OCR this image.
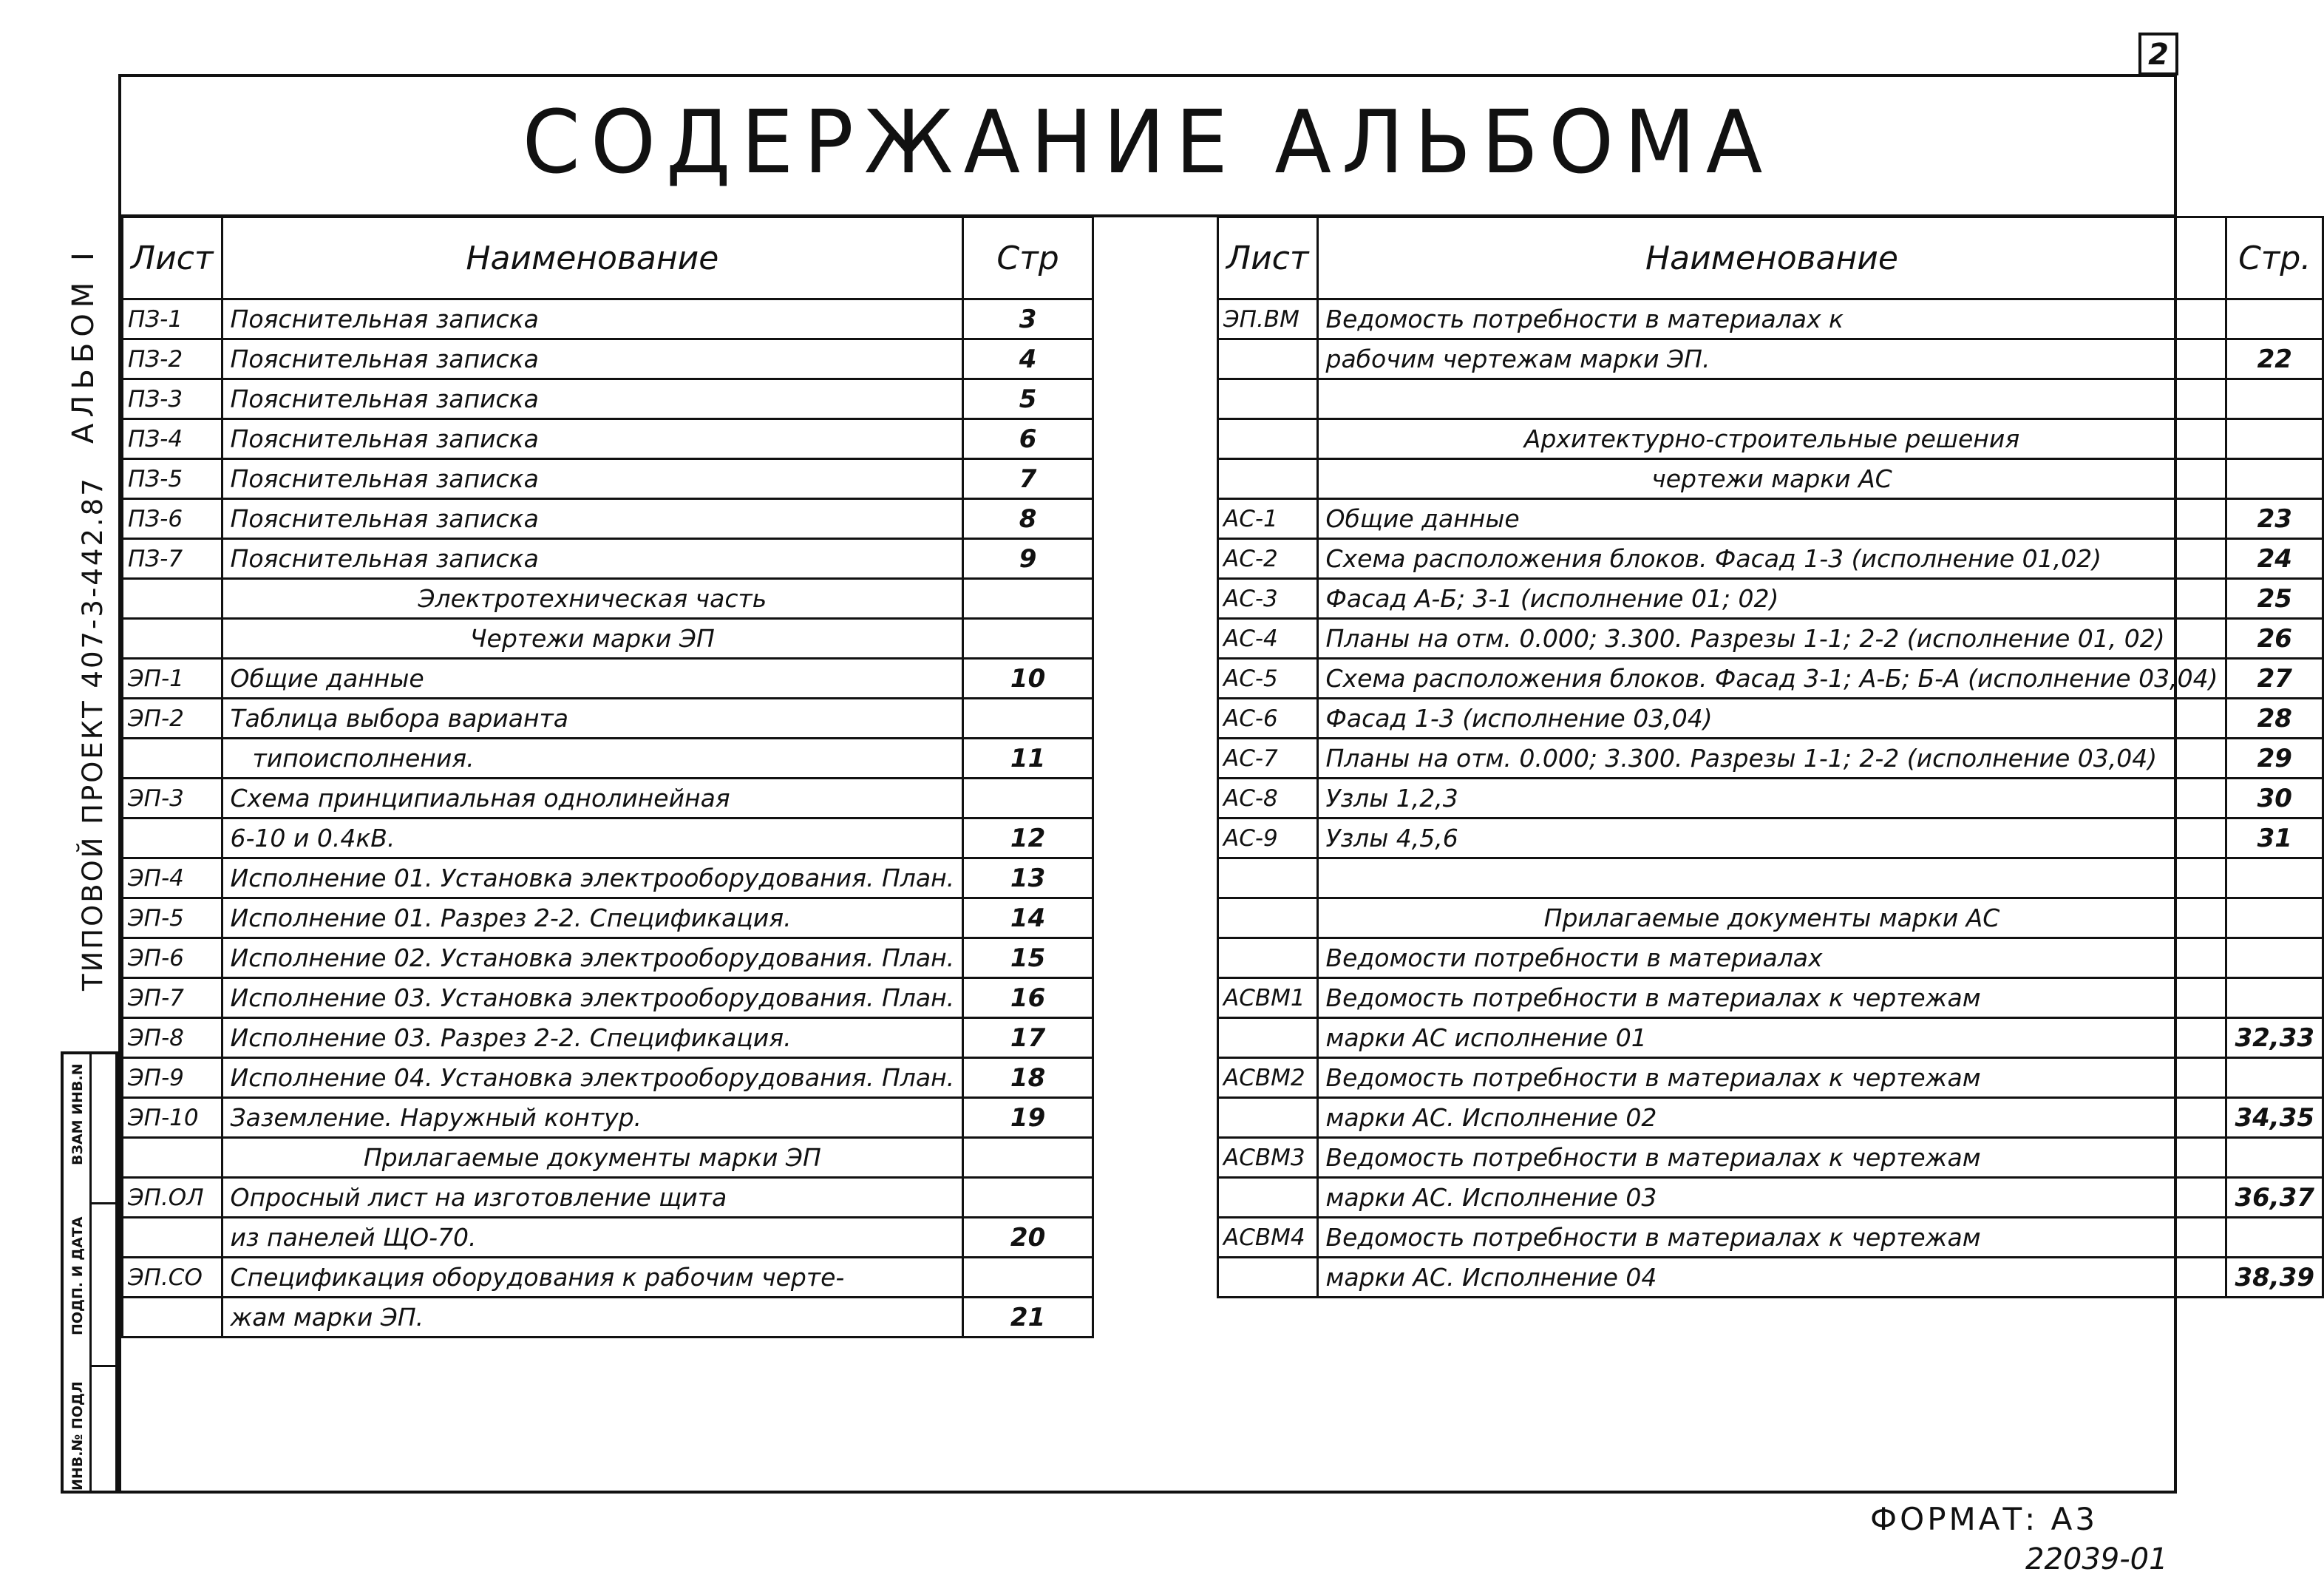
2
СОДЕРЖАНИЕ АЛЬБОМА
ТИПОВОЙ ПРОЕКТ 407-3-442.87
АЛЬБОМ I
ИНВ.№ ПОДЛ
ПОДП. И ДАТА
ВЗАМ ИНВ.N
Лист	Наименование	Стр
ПЗ-1	Пояснительная записка	3
ПЗ-2	Пояснительная записка	4
ПЗ-3	Пояснительная записка	5
ПЗ-4	Пояснительная записка	6
ПЗ-5	Пояснительная записка	7
ПЗ-6	Пояснительная записка	8
ПЗ-7	Пояснительная записка	9
	Электротехническая часть	
	Чертежи марки ЭП	
ЭП-1	Общие данные	10
ЭП-2	Таблица выбора варианта	
	типоисполнения.	11
ЭП-3	Схема принципиальная однолинейная	
	6-10 и 0.4кВ.	12
ЭП-4	Исполнение 01. Установка электрооборудования. План.	13
ЭП-5	Исполнение 01. Разрез 2-2. Спецификация.	14
ЭП-6	Исполнение 02. Установка электрооборудования. План.	15
ЭП-7	Исполнение 03. Установка электрооборудования. План.	16
ЭП-8	Исполнение 03. Разрез 2-2. Спецификация.	17
ЭП-9	Исполнение 04. Установка электрооборудования. План.	18
ЭП-10	Заземление. Наружный контур.	19
	Прилагаемые документы марки ЭП	
ЭП.ОЛ	Опросный лист на изготовление щита	
	из панелей ЩО-70.	20
ЭП.СО	Спецификация оборудования к рабочим черте-	
	жам марки ЭП.	21
Лист	Наименование	Стр.
ЭП.ВМ	Ведомость потребности в материалах к	
	рабочим чертежам марки ЭП.	22

	Архитектурно-строительные решения	
	чертежи марки АС	
АС-1	Общие данные	23
АС-2	Схема расположения блоков. Фасад 1-3 (исполнение 01,02)	24
АС-3	Фасад А-Б; 3-1 (исполнение 01; 02)	25
АС-4	Планы на отм. 0.000; 3.300. Разрезы 1-1; 2-2 (исполнение 01, 02)	26
АС-5	Схема расположения блоков. Фасад 3-1; А-Б; Б-А (исполнение 03,04)	27
АС-6	Фасад 1-3 (исполнение 03,04)	28
АС-7	Планы на отм. 0.000; 3.300. Разрезы 1-1; 2-2 (исполнение 03,04)	29
АС-8	Узлы 1,2,3	30
АС-9	Узлы 4,5,6	31

	Прилагаемые документы марки АС	
	Ведомости потребности в материалах	
АСВМ1	Ведомость потребности в материалах к чертежам	
	марки АС исполнение 01	32,33
АСВМ2	Ведомость потребности в материалах к чертежам	
	марки АС. Исполнение 02	34,35
АСВМ3	Ведомость потребности в материалах к чертежам	
	марки АС. Исполнение 03	36,37
АСВМ4	Ведомость потребности в материалах к чертежам	
	марки АС. Исполнение 04	38,39
ФОРМАТ: А3
22039-01
